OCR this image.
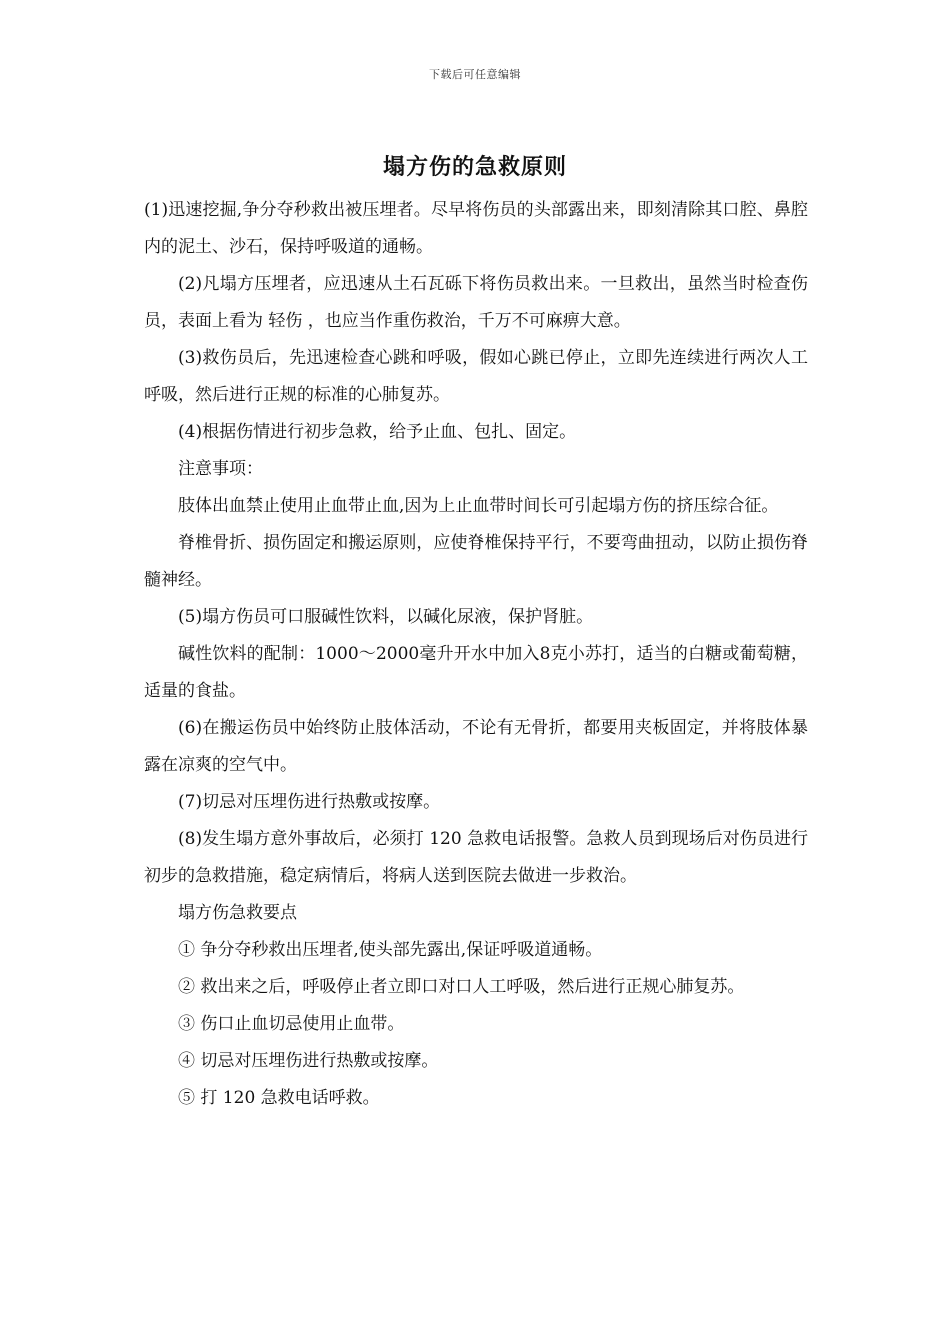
下载后可任意编辑
塌方伤的急救原则

(1)迅速挖掘,争分夺秒救出被压埋者。尽早将伤员的头部露出来，即刻清除其口腔、鼻腔内的泥土、沙石，保持呼吸道的通畅。

(2)凡塌方压埋者，应迅速从土石瓦砾下将伤员救出来。一旦救出，虽然当时检查伤员，表面上看为 轻伤 ，也应当作重伤救治，千万不可麻痹大意。

(3)救伤员后，先迅速检查心跳和呼吸，假如心跳已停止，立即先连续进行两次人工呼吸，然后进行正规的标准的心肺复苏。

(4)根据伤情进行初步急救，给予止血、包扎、固定。

注意事项：

肢体出血禁止使用止血带止血,因为上止血带时间长可引起塌方伤的挤压综合征。

脊椎骨折、损伤固定和搬运原则，应使脊椎保持平行，不要弯曲扭动，以防止损伤脊髓神经。

(5)塌方伤员可口服碱性饮料，以碱化尿液，保护肾脏。

碱性饮料的配制：1000～2000毫升开水中加入8克小苏打，适当的白糖或葡萄糖，适量的食盐。

(6)在搬运伤员中始终防止肢体活动，不论有无骨折，都要用夹板固定，并将肢体暴露在凉爽的空气中。

(7)切忌对压埋伤进行热敷或按摩。

(8)发生塌方意外事故后，必须打 120 急救电话报警。急救人员到现场后对伤员进行初步的急救措施，稳定病情后，将病人送到医院去做进一步救治。

塌方伤急救要点

① 争分夺秒救出压埋者,使头部先露出,保证呼吸道通畅。

② 救出来之后，呼吸停止者立即口对口人工呼吸，然后进行正规心肺复苏。

③ 伤口止血切忌使用止血带。

④ 切忌对压埋伤进行热敷或按摩。

⑤ 打 120 急救电话呼救。
